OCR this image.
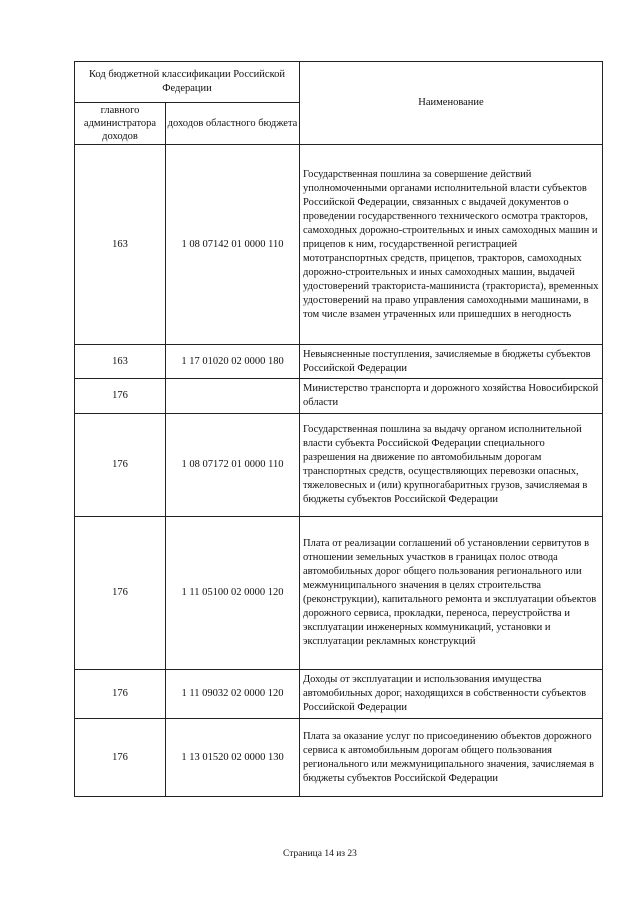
Код бюджетной классификации Российской Федерации		Наименование
главного администратора доходов	доходов областного бюджета	
163	1 08 07142 01 0000 110	Государственная пошлина за совершение действий уполномоченными органами исполнительной власти субъектов Российской Федерации, связанных с выдачей документов о проведении государственного технического осмотра тракторов, самоходных дорожно-строительных и иных самоходных машин и прицепов к ним, государственной регистрацией мототранспортных средств, прицепов, тракторов, самоходных дорожно-строительных и иных самоходных машин, выдачей удостоверений тракториста-машиниста (тракториста), временных удостоверений на право управления самоходными машинами, в том числе взамен утраченных или пришедших в негодность
163	1 17 01020 02 0000 180	Невыясненные поступления, зачисляемые в бюджеты субъектов Российской Федерации
176		Министерство транспорта и дорожного хозяйства Новосибирской области
176	1 08 07172 01 0000 110	Государственная пошлина за выдачу органом исполнительной власти субъекта Российской Федерации специального разрешения на движение по автомобильным дорогам транспортных средств, осуществляющих перевозки опасных, тяжеловесных и (или) крупногабаритных грузов, зачисляемая в бюджеты субъектов Российской Федерации
176	1 11 05100 02 0000 120	Плата от реализации соглашений об установлении сервитутов в отношении земельных участков в границах полос отвода автомобильных дорог общего пользования регионального или межмуниципального значения в целях строительства (реконструкции), капитального ремонта и эксплуатации объектов дорожного сервиса, прокладки, переноса, переустройства и эксплуатации инженерных коммуникаций, установки и эксплуатации рекламных конструкций
176	1 11 09032 02 0000 120	Доходы от эксплуатации и использования имущества автомобильных дорог, находящихся в собственности субъектов Российской Федерации
176	1 13 01520 02 0000 130	Плата за оказание услуг по присоединению объектов дорожного сервиса к автомобильным дорогам общего пользования регионального или межмуниципального значения, зачисляемая в бюджеты субъектов Российской Федерации
Страница 14 из 23
